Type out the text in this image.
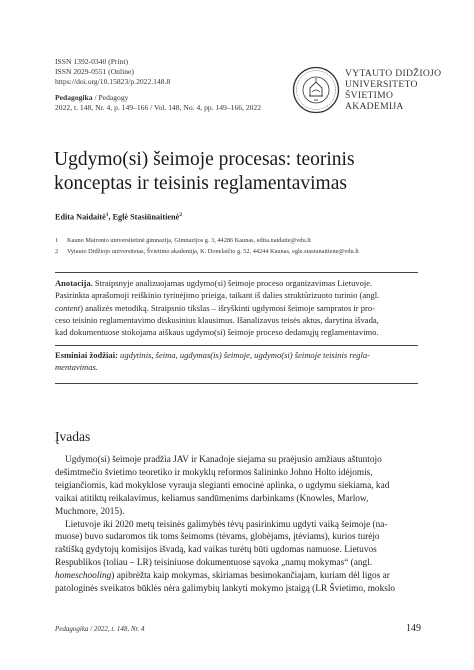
ISSN 1392-0340 (Print)
ISSN 2029-0551 (Online)
https://doi.org/10.15823/p.2022.148.8
Pedagogika / Pedagogy
2022, t. 148, Nr. 4, p. 149–166 / Vol. 148, No. 4, pp. 149–166, 2022
VYTAUTO DIDŽIOJO
UNIVERSITETO
ŠVIETIMO
AKADEMIJA
Ugdymo(si) šeimoje procesas: teorinis
konceptas ir teisinis reglamentavimas
Edita Naidaitė$^1$, Eglė Stasiūnaitienė$^2$
1 Kauno Maironio universitetinė gimnazija, Gimnazijos g. 3, 44286 Kaunas, edita.naidaite@vdu.lt
2 Vytauto Didžiojo universitetas, Švietimo akademija, K. Donelaičio g. 52, 44244 Kaunas, egle.stasiunaitiene@vdu.lt
Anotacija. Straipsnyje analizuojamas ugdymo(si) šeimoje proceso organizavimas Lietuvoje.
Pasirinkta aprašomoji reiškinio tyrinėjimo prieiga, taikant iš dalies struktūrizuoto turinio (angl.
content) analizės metodiką. Straipsnio tikslas – išryškinti ugdymosi šeimoje sampratos ir pro-
ceso teisinio reglamentavimo diskusinius klausimus. Išanalizavus teisės aktus, darytina išvada,
kad dokumentuose stokojama aiškaus ugdymo(si) šeimoje proceso dedamųjų reglamentavimo.
Esminiai žodžiai: ugdytinis, šeima, ugdymas(is) šeimoje, ugdymo(si) šeimoje teisinis regla-
mentavimas.
Įvadas
Ugdymo(si) šeimoje pradžia JAV ir Kanadoje siejama su praėjusio amžiaus aštuntojo
dešimtmečio švietimo teoretiko ir mokyklų reformos šalininko Johno Holto idėjomis,
teigiančiomis, kad mokyklose vyrauja slegianti emocinė aplinka, o ugdymu siekiama, kad
vaikai atitiktų reikalavimus, keliamus sandūmenims darbinkams (Knowles, Marlow,
Muchmore, 2015).
Lietuvoje iki 2020 metų teisinės galimybės tėvų pasirinkimu ugdyti vaiką šeimoje (na-
muose) buvo sudaromos tik toms šeimoms (tėvams, globėjams, įtėviams), kurios turėjo
raštišką gydytojų komisijos išvadą, kad vaikas turėtų būti ugdomas namuose. Lietuvos
Respublikos (toliau – LR) teisiniuose dokumentuose sąvoka „namų mokymas“ (angl.
homeschooling) apibrėžta kaip mokymas, skiriamas besimokančiajam, kuriam dėl ligos ar
patologinės sveikatos būklės nėra galimybių lankyti mokymo įstaigą (LR Švietimo, mokslo
Pedagogika / 2022, t. 148, Nr. 4	149
